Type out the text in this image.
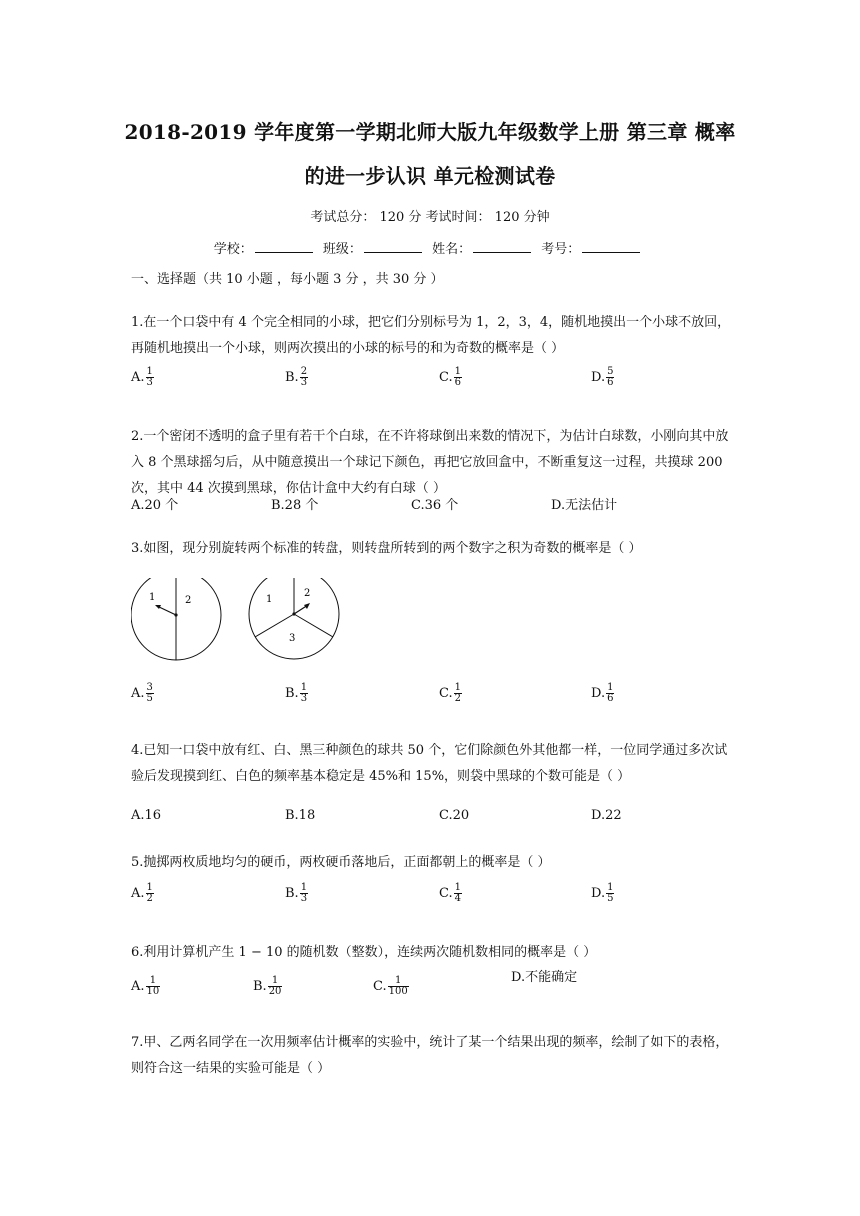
2018-2019 学年度第一学期北师大版九年级数学上册 第三章 概率
的进一步认识 单元检测试卷
考试总分： 120 分 考试时间： 120 分钟
学校：	班级：	姓名：	考号：
一、选择题（共 10 小题 ，每小题 3 分 ，共 30 分 ）
1.在一个口袋中有 4 个完全相同的小球，把它们分别标号为 1，2，3，4，随机地摸出一个小球不放回，再随机地摸出一个小球，则两次摸出的小球的标号的和为奇数的概率是（ ）
A. $\frac{1}{3}$	B. $\frac{2}{3}$	C. $\frac{1}{6}$	D. $\frac{5}{6}$
2.一个密闭不透明的盒子里有若干个白球，在不许将球倒出来数的情况下，为估计白球数，小刚向其中放入 8 个黑球摇匀后，从中随意摸出一个球记下颜色，再把它放回盒中，不断重复这一过程，共摸球 200 次，其中 44 次摸到黑球，你估计盒中大约有白球（ ）
A.20 个	B.28 个	C.36 个	D.无法估计
3.如图，现分别旋转两个标准的转盘，则转盘所转到的两个数字之积为奇数的概率是（ ）
1	2	1
2
3
A. $\frac{3}{5}$	B. $\frac{1}{3}$	C. $\frac{1}{2}$	D. $\frac{1}{6}$
4.已知一口袋中放有红、白、黑三种颜色的球共 50 个，它们除颜色外其他都一样，一位同学通过多次试验后发现摸到红、白色的频率基本稳定是 45%和 15%，则袋中黑球的个数可能是（ ）
A.16	B.18	C.20	D.22
5.抛掷两枚质地均匀的硬币，两枚硬币落地后，正面都朝上的概率是（ ）
A. $\frac{1}{2}$	B. $\frac{1}{3}$	C. $\frac{1}{4}$	D. $\frac{1}{5}$
6.利用计算机产生 1 − 10 的随机数（整数），连续两次随机数相同的概率是（ ）
A. $\frac{1}{10}$	B. $\frac{1}{20}$	C. $\frac{1}{100}$	D.不能确定
7.甲、乙两名同学在一次用频率估计概率的实验中，统计了某一个结果出现的频率，绘制了如下的表格，则符合这一结果的实验可能是（ ）
